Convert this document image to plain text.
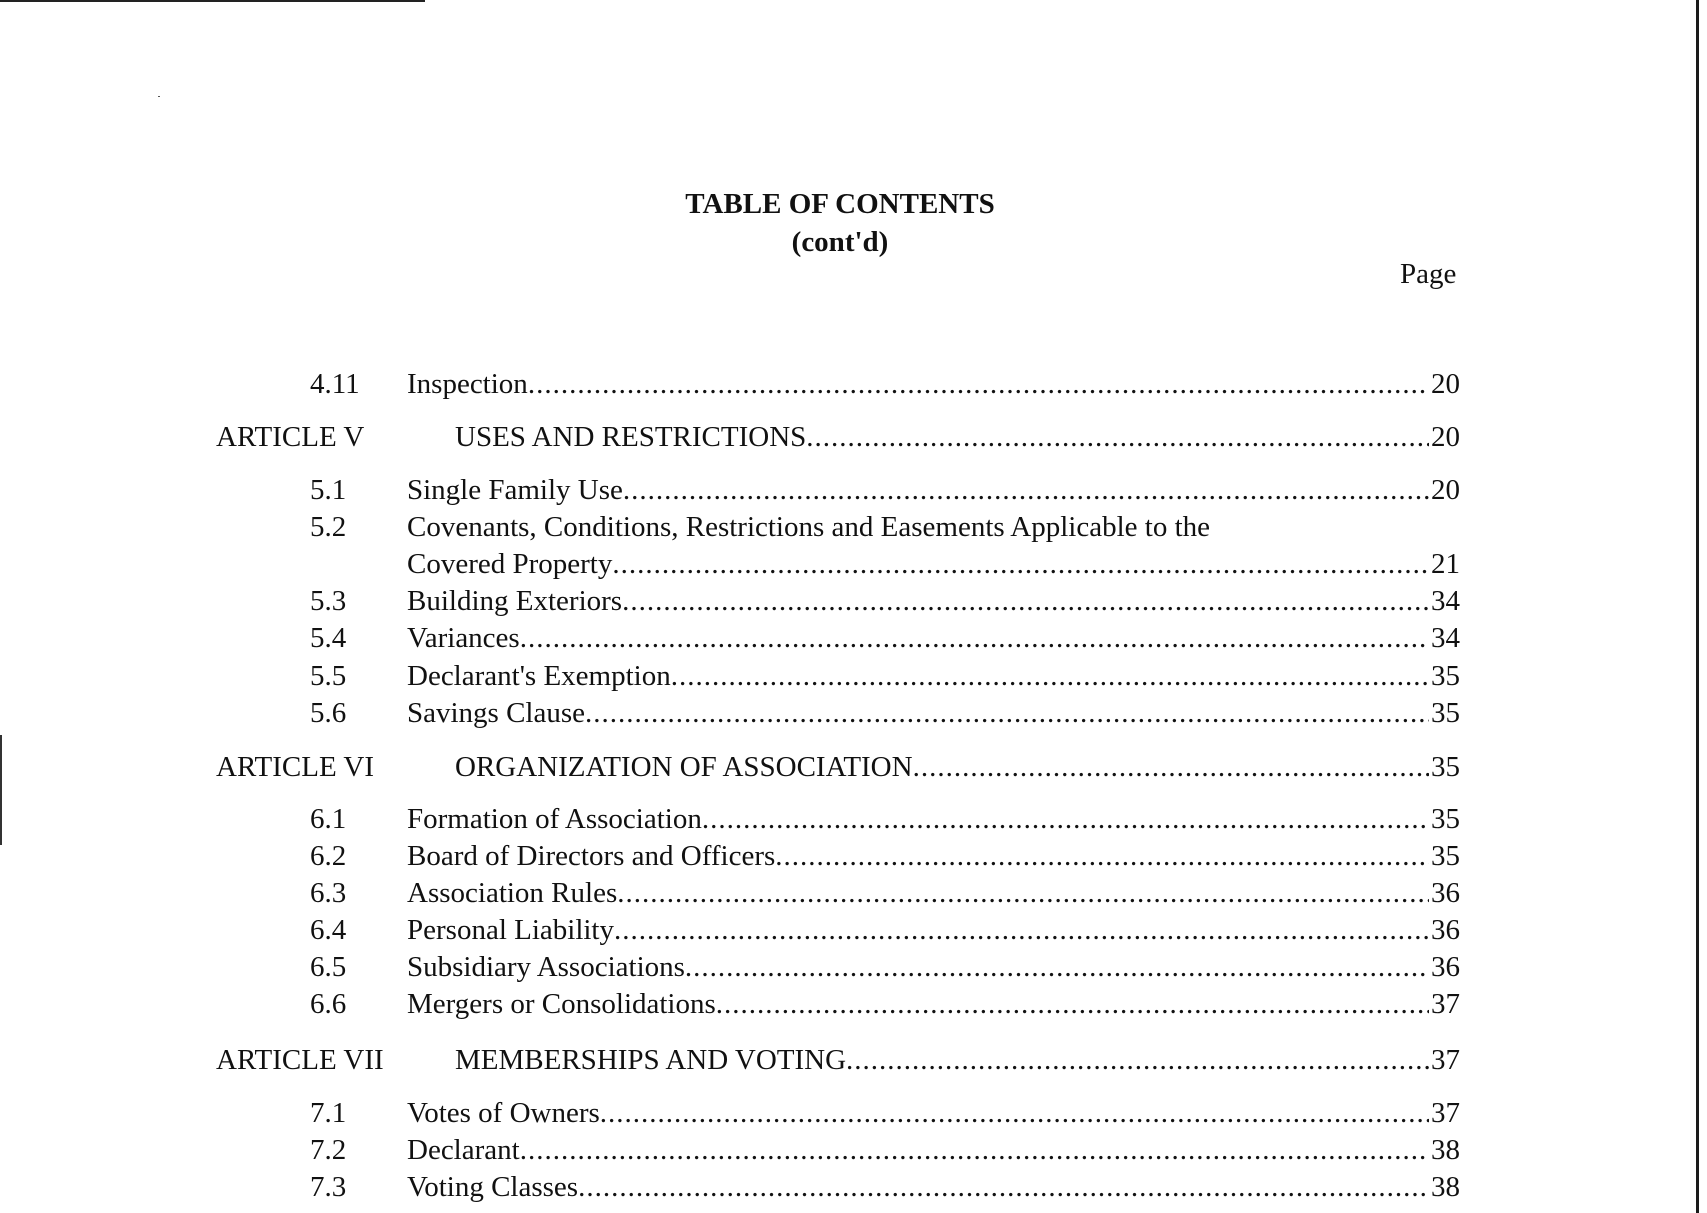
TABLE OF CONTENTS
(cont'd)
Page
4.11 Inspection .....	20
ARTICLE V	USES AND RESTRICTIONS .....	20
5.1 Single Family Use .....	20
5.2 Covenants, Conditions, Restrictions and Easements Applicable to the
Covered Property .....	21
5.3 Building Exteriors .....	34
5.4 Variances .....	34
5.5 Declarant's Exemption .....	35
5.6 Savings Clause .....	35
ARTICLE VI	ORGANIZATION OF ASSOCIATION .....	35
6.1 Formation of Association .....	35
6.2 Board of Directors and Officers .....	35
6.3 Association Rules .....	36
6.4 Personal Liability .....	36
6.5 Subsidiary Associations .....	36
6.6 Mergers or Consolidations .....	37
ARTICLE VII MEMBERSHIPS AND VOTING .....	37
7.1 Votes of Owners .....	37
7.2 Declarant .....	38
7.3 Voting Classes .....	38
